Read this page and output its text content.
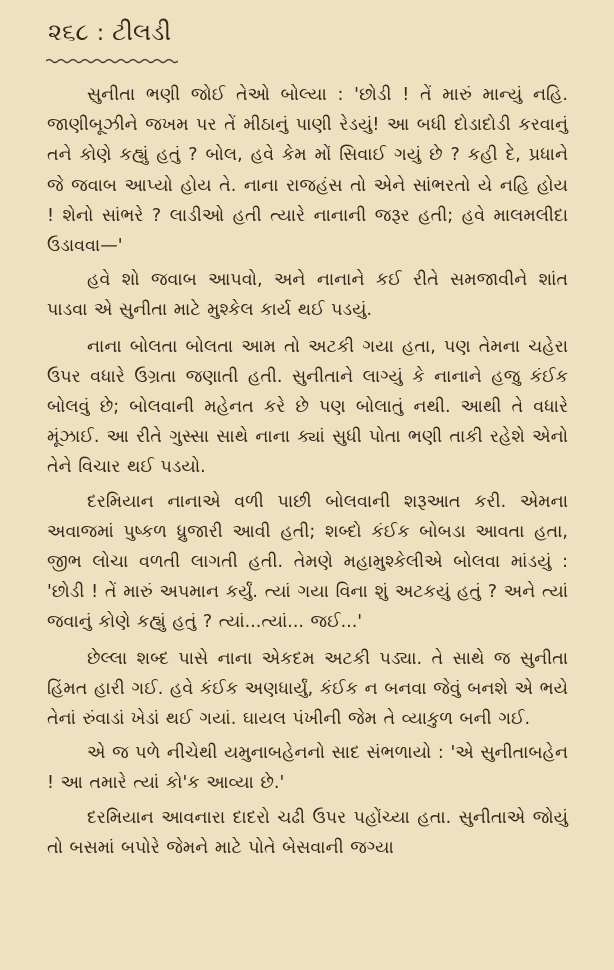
૨૬૮ : ટીલડી

સુનીતા ભણી જોઈ તેઓ બોલ્યા : 'છોડી ! તેં મારું માન્યું નહિ. જાણીબૂઝીને જખમ પર તેં મીઠાનું પાણી રેડયું! આ બધી દોડાદોડી કરવાનું તને કોણે કહ્યું હતું ? બોલ, હવે કેમ મોં સિવાઈ ગયું છે ? કહી દે, પ્રધાને જે જવાબ આપ્યો હોય તે. નાના રાજહંસ તો એને સાંભરતો યે નહિ હોય ! શેનો સાંભરે ? લાડીઓ હતી ત્યારે નાનાની જરૂર હતી; હવે માલમલીદા ઉડાવવા—'

હવે શો જવાબ આપવો, અને નાનાને કઈ રીતે સમજાવીને શાંત પાડવા એ સુનીતા માટે મુશ્કેલ કાર્ય થઈ પડયું.

નાના બોલતા બોલતા આમ તો અટકી ગયા હતા, પણ તેમના ચહેરા ઉપર વધારે ઉગ્રતા જણાતી હતી. સુનીતાને લાગ્યું કે નાનાને હજુ કંઈક બોલવું છે; બોલવાની મહેનત કરે છે પણ બોલાતું નથી. આથી તે વધારે મૂંઝાઈ. આ રીતે ગુસ્સા સાથે નાના ક્યાં સુધી પોતા ભણી તાકી રહેશે એનો તેને વિચાર થઈ પડયો.

દરમિયાન નાનાએ વળી પાછી બોલવાની શરૂઆત કરી. એમના અવાજમાં પુષ્કળ ધ્રુજારી આવી હતી; શબ્દો કંઈક બોબડા આવતા હતા, જીભ લોચા વળતી લાગતી હતી. તેમણે મહામુશ્કેલીએ બોલવા માંડયું : 'છોડી ! તેં મારું અપમાન કર્યું. ત્યાં ગયા વિના શું અટકયું હતું ? અને ત્યાં જવાનું કોણે કહ્યું હતું ? ત્યાં...ત્યાં... જઈ...'

છેલ્લા શબ્દ પાસે નાના એકદમ અટકી પડ્યા. તે સાથે જ સુનીતા હિંમત હારી ગઈ. હવે કંઈક અણધાર્યું, કંઈક ન બનવા જેવું બનશે એ ભયે તેનાં રુંવાડાં ખેડાં થઈ ગયાં. ઘાયલ પંખીની જેમ તે વ્યાકુળ બની ગઈ.

એ જ પળે નીચેથી યમુનાબહેનનો સાદ સંભળાયો : 'એ સુનીતાબહેન ! આ તમારે ત્યાં કો'ક આવ્યા છે.'

દરમિયાન આવનારા દાદરો ચઢી ઉપર પહોંચ્યા હતા. સુનીતાએ જોયું તો બસમાં બપોરે જેમને માટે પોતે બેસવાની જગ્યા
